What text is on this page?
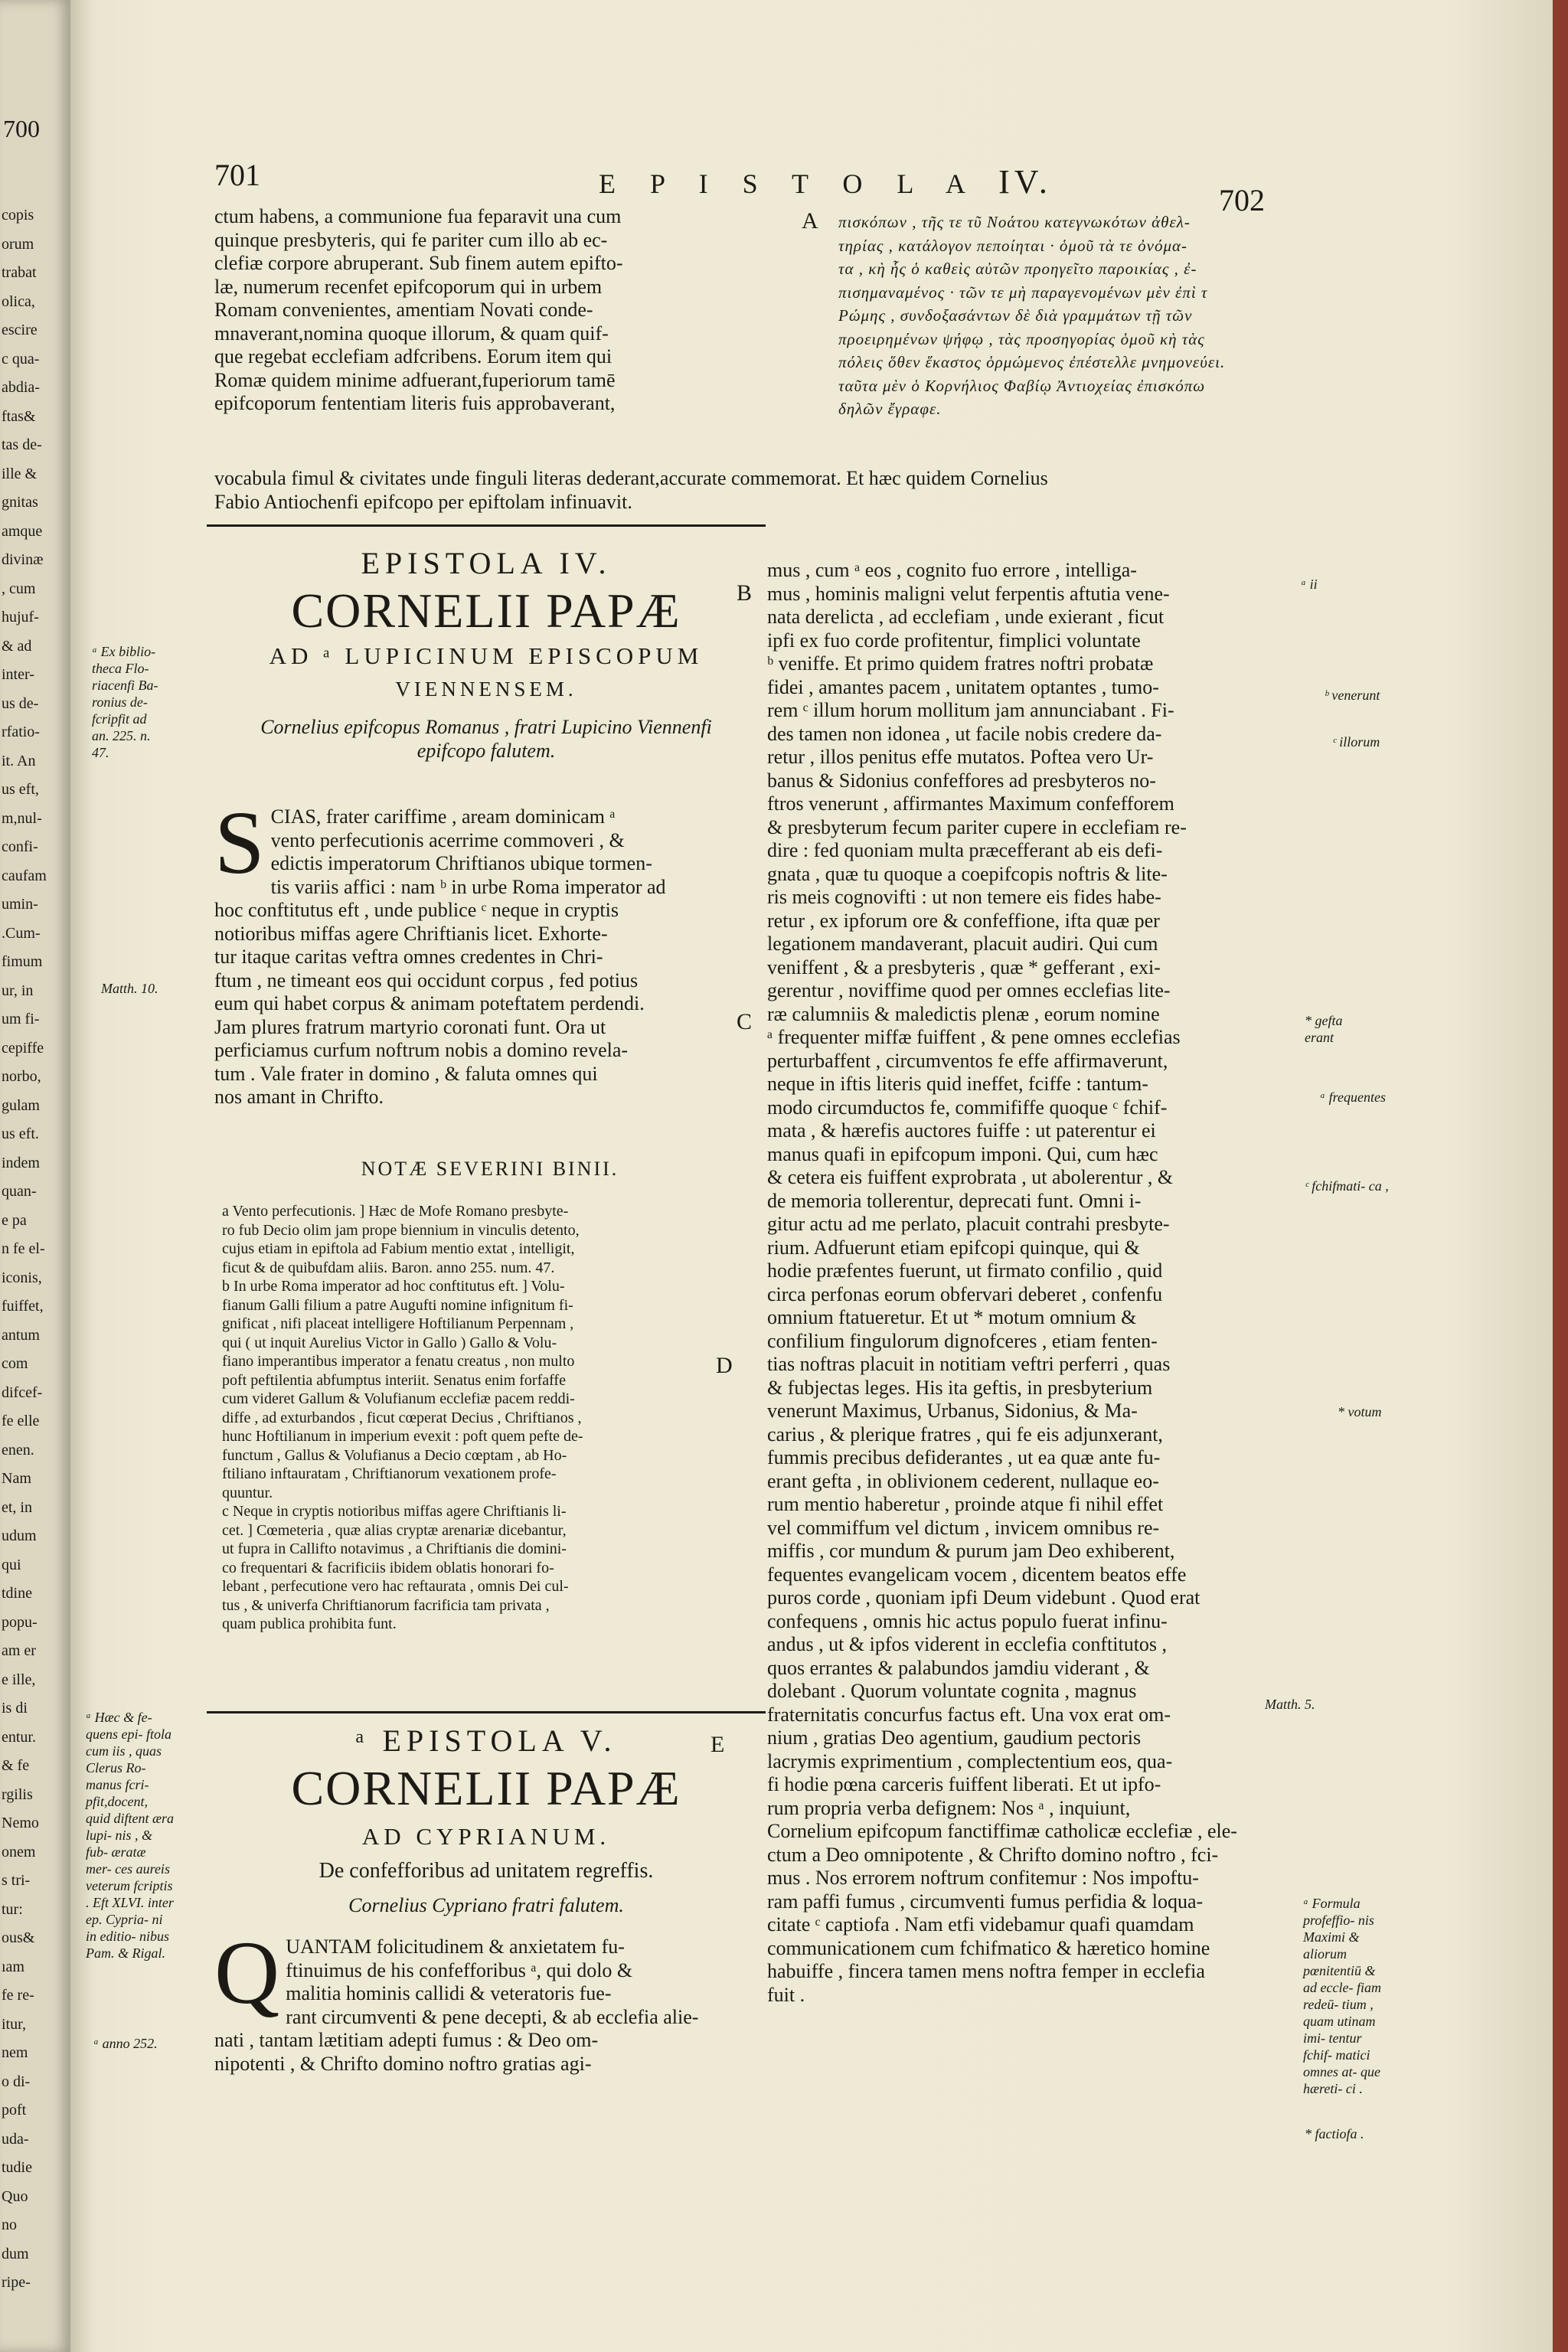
700
copis
orum
trabat
olica,
escire
c qua-
abdia-
ftas&
tas de-
ille &
gnitas
amque
divinæ
, cum
hujuf-
& ad
inter-
us de-
rfatio-
it. An
us eft,
m,nul-
confi-
caufam
umin-
.Cum-
fimum
ur, in
um fi-
cepiffe
norbo,
gulam
us eft.
indem
quan-
e pa
n fe el-
iconis,
fuiffet,
antum
com
difcef-
fe elle
enen.
Nam
et, in
udum
qui
tdine
popu-
am er
e ille,
is di
entur.
& fe
rgilis
Nemo
onem
s tri-
tur:
ous&
ıam
fe re-
itur,
nem
o di-
poft
uda-
tudie
Quo
no
dum
ripe-
701	E P I S T O L A IV.	702
ctum habens, a communione fua feparavit una cum
quinque presbyteris, qui fe pariter cum illo ab ec-
clefiæ corpore abruperant. Sub finem autem epifto-
læ, numerum recenfet epifcoporum qui in urbem
Romam convenientes, amentiam Novati conde-
mnaverant,nomina quoque illorum, & quam quif-
que regebat ecclefiam adfcribens. Eorum item qui
Romæ quidem minime adfuerant,fuperiorum tamē
epifcoporum fententiam literis fuis approbaverant,
A πισκόπων , τῆς τε τῦ Νοάτου κατεγνωκότων ἀθελ-
τηρίας , κατάλογον πεποίηται · ὁμοῦ τὰ τε ὀνόμα-
τα , κὴ ἧς ὁ καθεὶς αὐτῶν προηγεῖτο παροικίας , ἐ-
πισημαναμένος · τῶν τε μὴ παραγενομένων μὲν ἐπὶ τ
Ρώμης , συνδοξασάντων δὲ διὰ γραμμάτων τῇ τῶν
προειρημένων ψήφῳ , τὰς προσηγορίας ὁμοῦ κὴ τὰς
πόλεις ὅθεν ἕκαστος ὁρμώμενος ἐπέστελλε μνημονεύει.
ταῦτα μὲν ὁ Κορνήλιος Φαβίῳ Ἀντιοχείας ἐπισκόπω
δηλῶν ἔγραφε.
vocabula fimul & civitates unde finguli literas dederant,accurate commemorat. Et hæc quidem Cornelius
Fabio Antiochenfi epifcopo per epiftolam infinuavit.
EPISTOLA IV.
CORNELII PAPÆ
AD ᵃ LUPICINUM EPISCOPUM
VIENNENSEM.
Cornelius epifcopus Romanus , fratri Lupicino Viennenfi epifcopo falutem.
S CIAS, frater cariffime , aream dominicam ᵃ
vento perfecutionis acerrime commoveri , &
edictis imperatorum Chriftianos ubique tormen-
tis variis affici : nam ᵇ in urbe Roma imperator ad
hoc conftitutus eft , unde publice ᶜ neque in cryptis
notioribus miffas agere Chriftianis licet. Exhorte-
tur itaque caritas veftra omnes credentes in Chri-
ftum , ne timeant eos qui occidunt corpus , fed potius
eum qui habet corpus & animam poteftatem perdendi.
Jam plures fratrum martyrio coronati funt. Ora ut
perficiamus curfum noftrum nobis a domino revela-
tum . Vale frater in domino , & faluta omnes qui
nos amant in Chrifto.
NOTÆ SEVERINI BINII.
a Vento perfecutionis. ] Hæc de Mofe Romano presbyte-
ro fub Decio olim jam prope biennium in vinculis detento,
cujus etiam in epiftola ad Fabium mentio extat , intelligit,
ficut & de quibufdam aliis. Baron. anno 255. num. 47.
b In urbe Roma imperator ad hoc conftitutus eft. ] Volu-
fianum Galli filium a patre Augufti nomine infignitum fi-
gnificat , nifi placeat intelligere Hoftilianum Perpennam ,
qui ( ut inquit Aurelius Victor in Gallo ) Gallo & Volu-
fiano imperantibus imperator a fenatu creatus , non multo
poft peftilentia abfumptus interiit. Senatus enim forfaffe
cum videret Gallum & Volufianum ecclefiæ pacem reddi-
diffe , ad exturbandos , ficut cœperat Decius , Chriftianos ,
hunc Hoftilianum in imperium evexit : poft quem pefte de-
functum , Gallus & Volufianus a Decio cœptam , ab Ho-
ftiliano inftauratam , Chriftianorum vexationem profe-
quuntur.
c Neque in cryptis notioribus miffas agere Chriftianis li-
cet. ] Cœmeteria , quæ alias cryptæ arenariæ dicebantur,
ut fupra in Callifto notavimus , a Chriftianis die domini-
co frequentari & facrificiis ibidem oblatis honorari fo-
lebant , perfecutione vero hac reftaurata , omnis Dei cul-
tus , & univerfa Chriftianorum facrificia tam privata ,
quam publica prohibita funt.
ᵃ EPISTOLA V.
CORNELII PAPÆ
AD CYPRIANUM.
De confefforibus ad unitatem regreffis.
Cornelius Cypriano fratri falutem.
Q UANTAM folicitudinem & anxietatem fu-
ftinuimus de his confefforibus ᵃ, qui dolo &
malitia hominis callidi & veteratoris fue-
rant circumventi & pene decepti, & ab ecclefia alie-
nati , tantam lætitiam adepti fumus : & Deo om-
nipotenti , & Chrifto domino noftro gratias agi-
B
C
D
E
mus , cum ᵃ eos , cognito fuo errore , intelliga-
mus , hominis maligni velut ferpentis aftutia vene-
nata derelicta , ad ecclefiam , unde exierant , ficut
ipfi ex fuo corde profitentur, fimplici voluntate
ᵇ veniffe. Et primo quidem fratres noftri probatæ
fidei , amantes pacem , unitatem optantes , tumo-
rem ᶜ illum horum mollitum jam annunciabant . Fi-
des tamen non idonea , ut facile nobis credere da-
retur , illos penitus effe mutatos. Poftea vero Ur-
banus & Sidonius confeffores ad presbyteros no-
ftros venerunt , affirmantes Maximum confefforem
& presbyterum fecum pariter cupere in ecclefiam re-
dire : fed quoniam multa præcefferant ab eis defi-
gnata , quæ tu quoque a coepifcopis noftris & lite-
ris meis cognovifti : ut non temere eis fides habe-
retur , ex ipforum ore & confeffione, ifta quæ per
legationem mandaverant, placuit audiri. Qui cum
veniffent , & a presbyteris , quæ * gefferant , exi-
gerentur , noviffime quod per omnes ecclefias lite-
ræ calumniis & maledictis plenæ , eorum nomine
ᵃ frequenter miffæ fuiffent , & pene omnes ecclefias
perturbaffent , circumventos fe effe affirmaverunt,
neque in iftis literis quid ineffet, fciffe : tantum-
modo circumductos fe, commififfe quoque ᶜ fchif-
mata , & hærefis auctores fuiffe : ut paterentur ei
manus quafi in epifcopum imponi. Qui, cum hæc
& cetera eis fuiffent exprobrata , ut abolerentur , &
de memoria tollerentur, deprecati funt. Omni i-
gitur actu ad me perlato, placuit contrahi presbyte-
rium. Adfuerunt etiam epifcopi quinque, qui &
hodie præfentes fuerunt, ut firmato confilio , quid
circa perfonas eorum obfervari deberet , confenfu
omnium ftatueretur. Et ut * motum omnium &
confilium fingulorum dignofceres , etiam fenten-
tias noftras placuit in notitiam veftri perferri , quas
& fubjectas leges. His ita geftis, in presbyterium
venerunt Maximus, Urbanus, Sidonius, & Ma-
carius , & plerique fratres , qui fe eis adjunxerant,
fummis precibus defiderantes , ut ea quæ ante fu-
erant gefta , in oblivionem cederent, nullaque eo-
rum mentio haberetur , proinde atque fi nihil effet
vel commiffum vel dictum , invicem omnibus re-
miffis , cor mundum & purum jam Deo exhiberent,
fequentes evangelicam vocem , dicentem beatos effe
puros corde , quoniam ipfi Deum videbunt . Quod erat
confequens , omnis hic actus populo fuerat infinu-
andus , ut & ipfos viderent in ecclefia conftitutos ,
quos errantes & palabundos jamdiu viderant , &
dolebant . Quorum voluntate cognita , magnus
fraternitatis concurfus factus eft. Una vox erat om-
nium , gratias Deo agentium, gaudium pectoris
lacrymis exprimentium , complectentium eos, qua-
fi hodie pœna carceris fuiffent liberati. Et ut ipfo-
rum propria verba defignem: Nos ᵃ , inquiunt,
Cornelium epifcopum fanctiffimæ catholicæ ecclefiæ , ele-
ctum a Deo omnipotente , & Chrifto domino noftro , fci-
mus . Nos errorem noftrum confitemur : Nos impoftu-
ram paffi fumus , circumventi fumus perfidia & loqua-
citate ᶜ captiofa . Nam etfi videbamur quafi quamdam
communicationem cum fchifmatico & hæretico homine
habuiffe , fincera tamen mens noftra femper in ecclefia
fuit .
ᵃ Ex biblio- theca Flo- riacenfi Ba- ronius de- fcripfit ad an. 225. n. 47.
Matth. 10.
ᵃ Hæc & fe- quens epi- ftola cum iis , quas Clerus Ro- manus fcri- pfit,docent, quid diftent æra lupi- nis , & fub- æratæ mer- ces aureis veterum fcriptis . Eft XLVI. inter ep. Cypria- ni in editio- nibus Pam. & Rigal.
ᵃ anno 252.
ᵃ ii
ᵇ venerunt
ᶜ illorum
* gefta erant
ᵃ frequentes
ᶜ fchifmati- ca ,
* votum
Matth. 5.
ᵃ Formula profeffio- nis Maximi & aliorum pœnitentiū & ad eccle- fiam redeū- tium , quam utinam imi- tentur fchif- matici omnes at- que hæreti- ci .
* factiofa .
